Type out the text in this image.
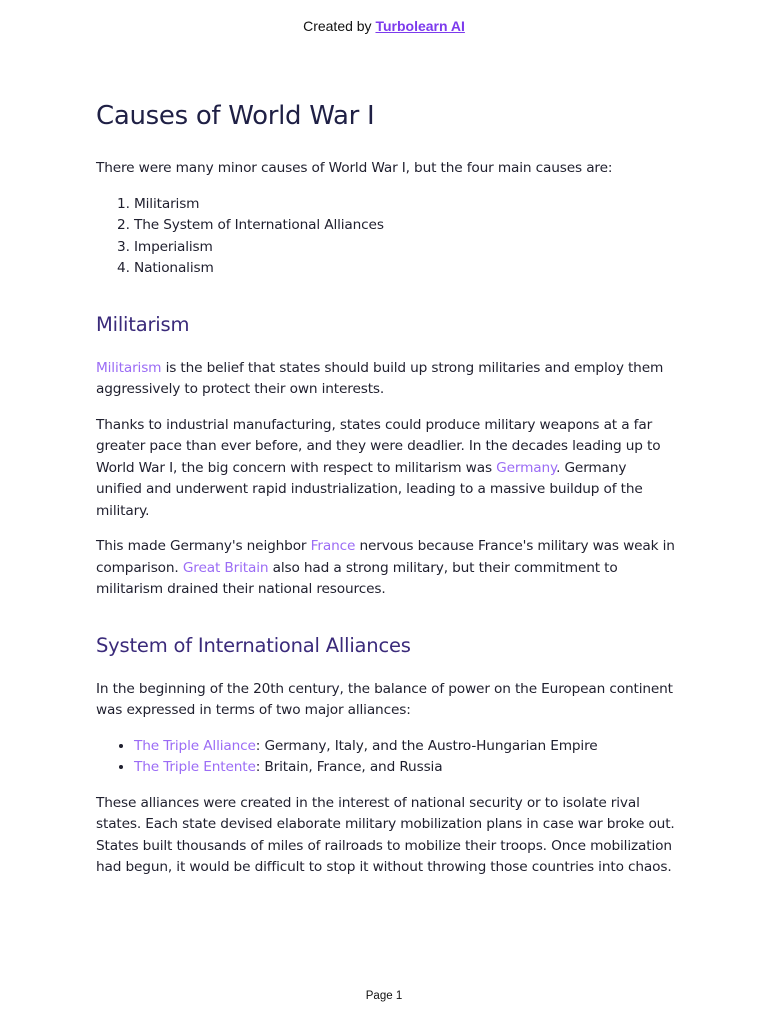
Created by Turbolearn AI
Causes of World War I

There were many minor causes of World War I, but the four main causes are:

1. Militarism
2. The System of International Alliances
3. Imperialism
4. Nationalism
Militarism

Militarism is the belief that states should build up strong militaries and employ them aggressively to protect their own interests.

Thanks to industrial manufacturing, states could produce military weapons at a far greater pace than ever before, and they were deadlier. In the decades leading up to World War I, the big concern with respect to militarism was Germany. Germany unified and underwent rapid industrialization, leading to a massive buildup of the military.

This made Germany's neighbor France nervous because France's military was weak in comparison. Great Britain also had a strong military, but their commitment to militarism drained their national resources.

System of International Alliances

In the beginning of the 20th century, the balance of power on the European continent was expressed in terms of two major alliances:

• The Triple Alliance: Germany, Italy, and the Austro-Hungarian Empire
• The Triple Entente: Britain, France, and Russia

These alliances were created in the interest of national security or to isolate rival states. Each state devised elaborate military mobilization plans in case war broke out. States built thousands of miles of railroads to mobilize their troops. Once mobilization had begun, it would be difficult to stop it without throwing those countries into chaos.

Page 1
